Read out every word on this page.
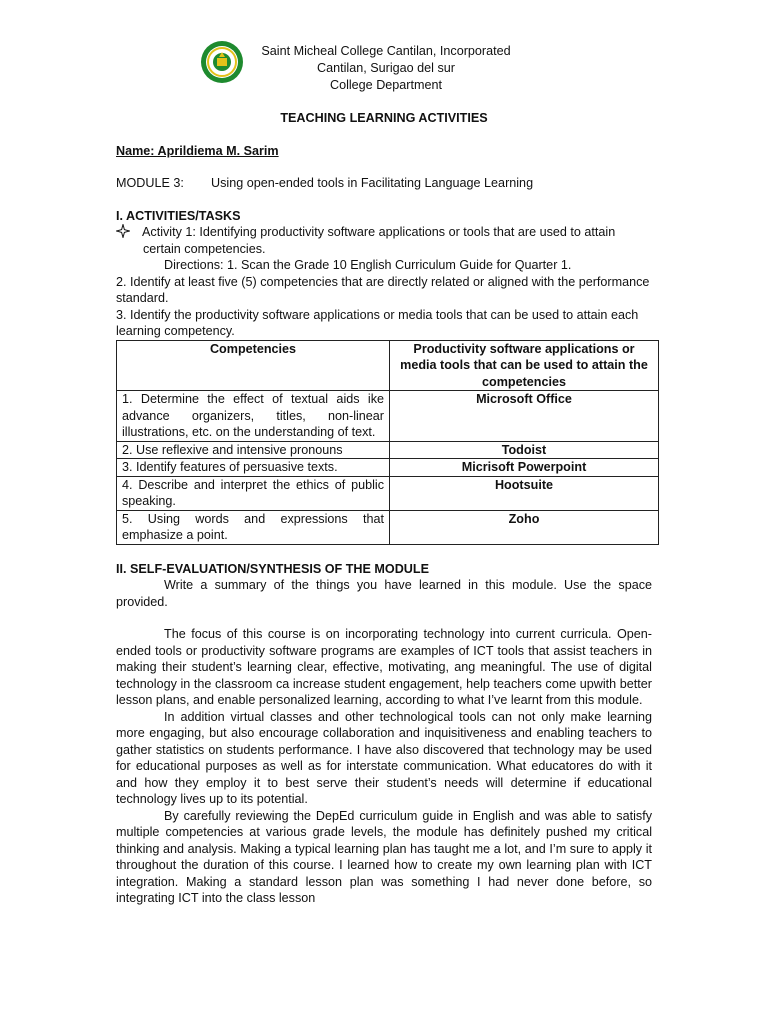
Saint Micheal College Cantilan, Incorporated
Cantilan, Surigao del sur
College Department
TEACHING LEARNING ACTIVITIES
Name: Aprildiema M. Sarim
MODULE 3:	Using open-ended tools in Facilitating Language Learning
I. ACTIVITIES/TASKS
Activity 1: Identifying productivity software applications or tools that are used to attain
certain competencies.
Directions: 1. Scan the Grade 10 English Curriculum Guide for Quarter 1.
2. Identify at least five (5) competencies that are directly related or aligned with the performance standard.
3. Identify the productivity software applications or media tools that can be used to attain each learning competency.
Competencies	Productivity software applications or media tools that can be used to attain the competencies
1. Determine the effect of textual aids ike advance organizers, titles, non-linear illustrations, etc. on the understanding of text.	Microsoft Office
2. Use reflexive and intensive pronouns	Todoist
3. Identify features of persuasive texts.	Micrisoft Powerpoint
4. Describe and interpret the ethics of public speaking.	Hootsuite
5. Using words and expressions that emphasize a point.	Zoho
II. SELF-EVALUATION/SYNTHESIS OF THE MODULE
Write a summary of the things you have learned in this module. Use the space provided.
The focus of this course is on incorporating technology into current curricula. Open-ended tools or productivity software programs are examples of ICT tools that assist teachers in making their student’s learning clear, effective, motivating, ang meaningful. The use of digital technology in the classroom ca increase student engagement, help teachers come upwith better lesson plans, and enable personalized learning, according to what I’ve learnt from this module.
In addition virtual classes and other technological tools can not only make learning more engaging, but also encourage collaboration and inquisitiveness and enabling teachers to gather statistics on students performance. I have also discovered that technology may be used for educational purposes as well as for interstate communication. What educatores do with it and how they employ it to best serve their student’s needs will determine if educational technology lives up to its potential.
By carefully reviewing the DepEd curriculum guide in English and was able to satisfy multiple competencies at various grade levels, the module has definitely pushed my critical thinking and analysis. Making a typical learning plan has taught me a lot, and I’m sure to apply it throughout the duration of this course. I learned how to create my own learning plan with ICT integration. Making a standard lesson plan was something I had never done before, so integrating ICT into the class lesson
